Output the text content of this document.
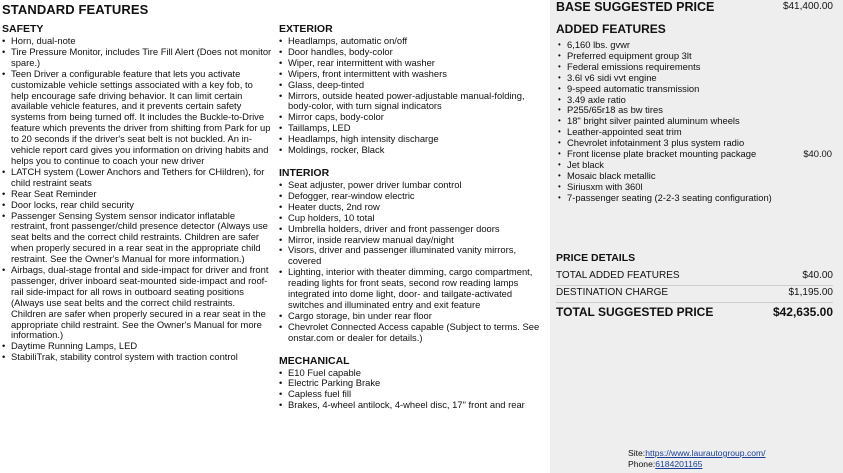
STANDARD FEATURES
SAFETY
• Horn, dual-note
• Tire Pressure Monitor, includes Tire Fill Alert (Does not monitor spare.)
• Teen Driver a configurable feature that lets you activate customizable vehicle settings associated with a key fob, to help encourage safe driving behavior. It can limit certain available vehicle features, and it prevents certain safety systems from being turned off. It includes the Buckle-to-Drive feature which prevents the driver from shifting from Park for up to 20 seconds if the driver's seat belt is not buckled. An in-vehicle report card gives you information on driving habits and helps you to continue to coach your new driver
• LATCH system (Lower Anchors and Tethers for CHildren), for child restraint seats
• Rear Seat Reminder
• Door locks, rear child security
• Passenger Sensing System sensor indicator inflatable restraint, front passenger/child presence detector (Always use seat belts and the correct child restraints. Children are safer when properly secured in a rear seat in the appropriate child restraint. See the Owner's Manual for more information.)
• Airbags, dual-stage frontal and side-impact for driver and front passenger, driver inboard seat-mounted side-impact and roof-rail side-impact for all rows in outboard seating positions (Always use seat belts and the correct child restraints. Children are safer when properly secured in a rear seat in the appropriate child restraint. See the Owner's Manual for more information.)
• Daytime Running Lamps, LED
• StabiliTrak, stability control system with traction control
EXTERIOR
• Headlamps, automatic on/off
• Door handles, body-color
• Wiper, rear intermittent with washer
• Wipers, front intermittent with washers
• Glass, deep-tinted
• Mirrors, outside heated power-adjustable manual-folding, body-color, with turn signal indicators
• Mirror caps, body-color
• Taillamps, LED
• Headlamps, high intensity discharge
• Moldings, rocker, Black
INTERIOR
• Seat adjuster, power driver lumbar control
• Defogger, rear-window electric
• Heater ducts, 2nd row
• Cup holders, 10 total
• Umbrella holders, driver and front passenger doors
• Mirror, inside rearview manual day/night
• Visors, driver and passenger illuminated vanity mirrors, covered
• Lighting, interior with theater dimming, cargo compartment, reading lights for front seats, second row reading lamps integrated into dome light, door- and tailgate-activated switches and illuminated entry and exit feature
• Cargo storage, bin under rear floor
• Chevrolet Connected Access capable (Subject to terms. See onstar.com or dealer for details.)
MECHANICAL
• E10 Fuel capable
• Electric Parking Brake
• Capless fuel fill
• Brakes, 4-wheel antilock, 4-wheel disc, 17" front and rear
BASE SUGGESTED PRICE	$41,400.00
ADDED FEATURES
• 6,160 lbs. gvwr
• Preferred equipment group 3lt
• Federal emissions requirements
• 3.6l v6 sidi vvt engine
• 9-speed automatic transmission
• 3.49 axle ratio
• P255/65r18 as bw tires
• 18" bright silver painted aluminum wheels
• Leather-appointed seat trim
• Chevrolet infotainment 3 plus system radio
• Front license plate bracket mounting package	$40.00
• Jet black
• Mosaic black metallic
• Siriusxm with 360l
• 7-passenger seating (2-2-3 seating configuration)
PRICE DETAILS
TOTAL ADDED FEATURES	$40.00
DESTINATION CHARGE	$1,195.00
TOTAL SUGGESTED PRICE	$42,635.00
Site:https://www.laurautogroup.com/
Phone:6184201165
